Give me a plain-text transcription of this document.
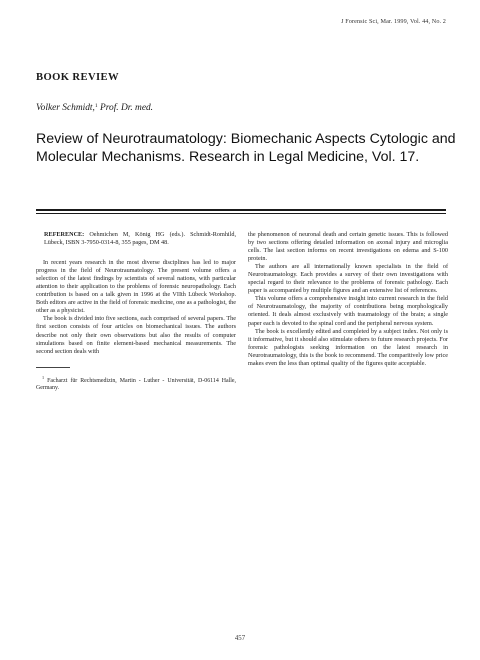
J Forensic Sci, Mar. 1999, Vol. 44, No. 2
BOOK REVIEW
Volker Schmidt,$^1$ Prof. Dr. med.
Review of Neurotraumatology: Biomechanic Aspects Cytologic and Molecular Mechanisms. Research in Legal Medicine, Vol. 17.

REFERENCE: Oehmichen M, König HG (eds.). Schmidt-Romhild, Lübeck, ISBN 3-7950-0314-8, 355 pages, DM 48.

In recent years research in the most diverse disciplines has led to major progress in the field of Neurotraumatology. The present volume offers a selection of the latest findings by scientists of several nations, with particular attention to their application to the problems of forensic neuropathology. Each contribution is based on a talk given in 1996 at the VIIth Lübeck Workshop. Both editors are active in the field of forensic medicine, one as a pathologist, the other as a physicist.

The book is divided into five sections, each comprised of several papers. The first section consists of four articles on biomechanical issues. The authors describe not only their own observations but also the results of computer simulations based on finite element-based mechanical measurements. The second section deals with

$^1$ Facharzt für Rechtsmedizin, Martin - Luther - Universität, D-06114 Halle, Germany.

the phenomenon of neuronal death and certain genetic issues. This is followed by two sections offering detailed information on axonal injury and microglia cells. The last section informs on recent investigations on edema and S-100 protein.

The authors are all internationally known specialists in the field of Neurotraumatology. Each provides a survey of their own investigations with special regard to their relevance to the problems of forensic pathology. Each paper is accompanied by multiple figures and an extensive list of references.

This volume offers a comprehensive insight into current research in the field of Neurotraumatology, the majority of contributions being morphologically oriented. It deals almost exclusively with traumatology of the brain; a single paper each is devoted to the spinal cord and the peripheral nervous system.

The book is excellently edited and completed by a subject index. Not only is it informative, but it should also stimulate others to future research projects. For forensic pathologists seeking information on the latest research in Neurotraumatology, this is the book to recommend. The comparitively low price makes even the less than optimal quality of the figures quite acceptable.

457
